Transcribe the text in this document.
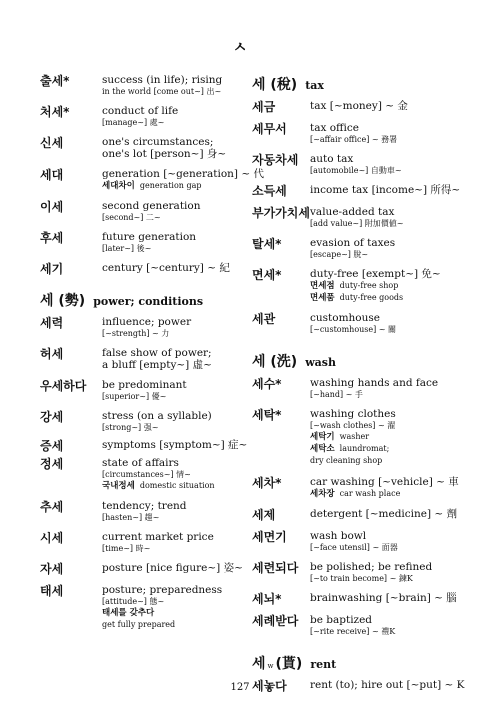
ㅅ
출세*	success (in life); rising
in the world [come out~] 出~
처세*	conduct of life
[manage~] 處~
신세	one's circumstances;
one's lot [person~] 身~
세대	generation [~generation] ~ 代
세대차이 generation gap
이세	second generation
[second~] 二~
후세	future generation
[later~] 後~
세기	century [~century] ~ 紀
세 (勢) power; conditions
세력	influence; power
[~strength] ~ 力
허세	false show of power;
a bluff [empty~] 虛~
우세하다	be predominant
[superior~] 優~
강세	stress (on a syllable)
[strong~] 强~
증세	symptoms [symptom~] 症~
정세	state of affairs
[circumstances~] 情~
국내정세 domestic situation
추세	tendency; trend
[hasten~] 趨~
시세	current market price
[time~] 時~
자세	posture [nice figure~] 姿~
태세	posture; preparedness
[attitude~] 態~
태세를 갖추다
get fully prepared
세 (稅) tax
세금	tax [~money] ~ 金
세무서	tax office
[~affair office] ~ 務署
자동차세	auto tax
[automobile~] 自動車~
소득세	income tax [income~] 所得~
부가가치세 value-added tax
[add value~] 附加價値~
탈세*	evasion of taxes
[escape~] 脫~
면세*	duty-free [exempt~] 免~
면세점 duty-free shop
면세품 duty-free goods
세관	customhouse
[~customhouse] ~ 關
세 (洗) wash
세수*	washing hands and face
[~hand] ~ 手
세탁*	washing clothes
[~wash clothes] ~ 濯
세탁기 washer
세탁소 laundromat;
dry cleaning shop
세차*	car washing [~vehicle] ~ 車
세차장 car wash place
세제	detergent [~medicine] ~ 劑
세면기	wash bowl
[~face utensil] ~ 面器
세련되다	be polished; be refined
[~to train become] ~ 鍊K
세뇌*	brainwashing [~brain] ~ 腦
세례받다	be baptized
[~rite receive] ~ 禮K
세 w (貰) rent
세놓다	rent (to); hire out [~put] ~ K
127
